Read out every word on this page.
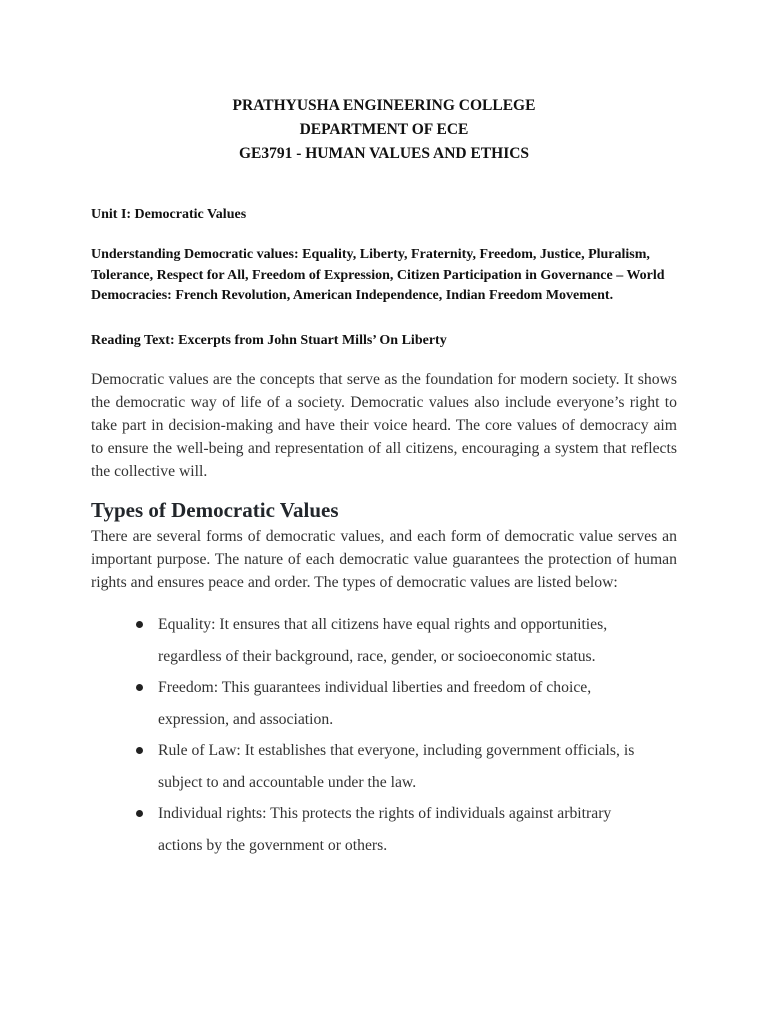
PRATHYUSHA ENGINEERING COLLEGE
DEPARTMENT OF ECE
GE3791 - HUMAN VALUES AND ETHICS
Unit I: Democratic Values
Understanding Democratic values: Equality, Liberty, Fraternity, Freedom, Justice, Pluralism, Tolerance, Respect for All, Freedom of Expression, Citizen Participation in Governance – World Democracies: French Revolution, American Independence, Indian Freedom Movement.
Reading Text: Excerpts from John Stuart Mills’ On Liberty

Democratic values are the concepts that serve as the foundation for modern society. It shows the democratic way of life of a society. Democratic values also include everyone’s right to take part in decision-making and have their voice heard. The core values of democracy aim to ensure the well-being and representation of all citizens, encouraging a system that reflects the collective will.

Types of Democratic Values

There are several forms of democratic values, and each form of democratic value serves an important purpose. The nature of each democratic value guarantees the protection of human rights and ensures peace and order. The types of democratic values are listed below:

Equality: It ensures that all citizens have equal rights and opportunities,
regardless of their background, race, gender, or socioeconomic status.
Freedom: This guarantees individual liberties and freedom of choice,
expression, and association.
Rule of Law: It establishes that everyone, including government officials, is
subject to and accountable under the law.
Individual rights: This protects the rights of individuals against arbitrary
actions by the government or others.
